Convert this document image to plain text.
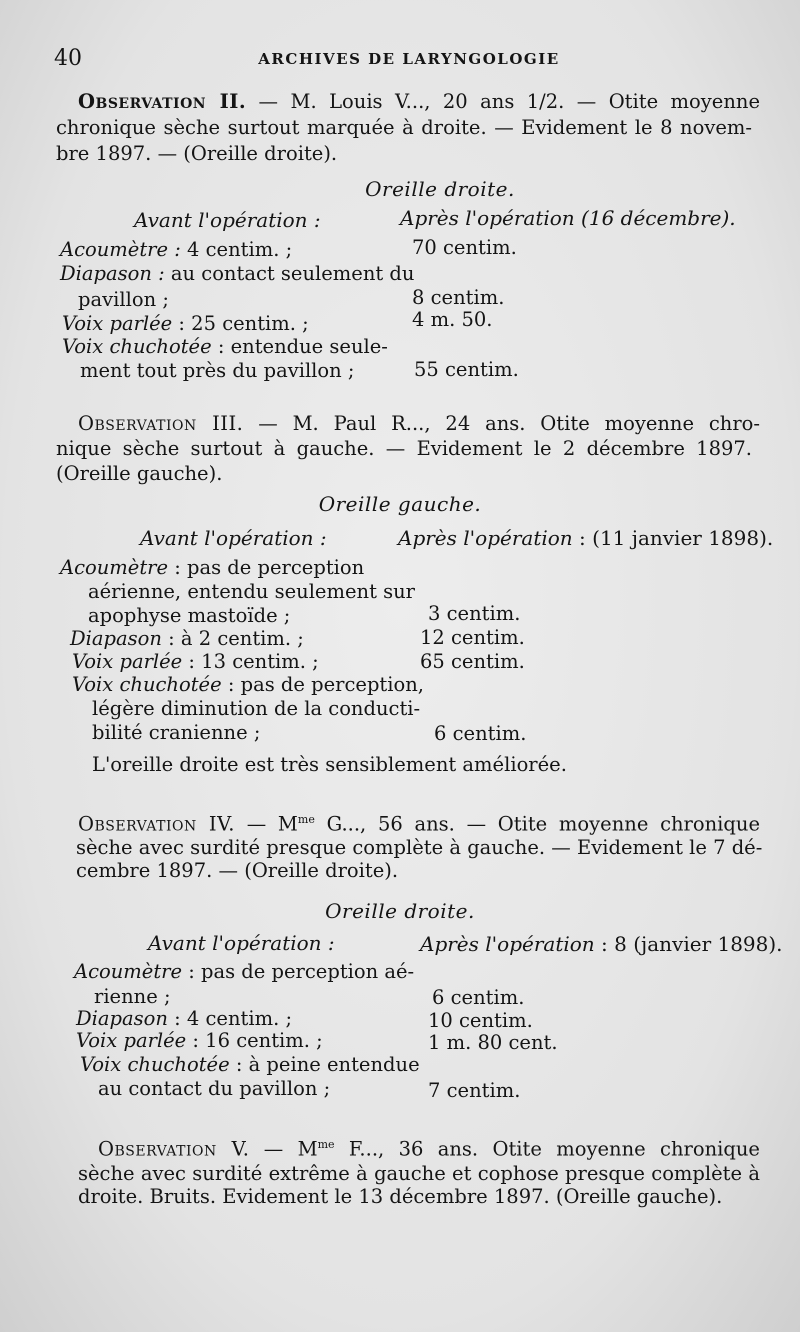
40	ARCHIVES DE LARYNGOLOGIE
Observation II. — M. Louis V..., 20 ans 1/2. — Otite moyenne
chronique sèche surtout marquée à droite. — Evidement le 8 novem-
bre 1897. — (Oreille droite).
Oreille droite.
Avant l'opération :	Après l'opération (16 décembre).
Acoumètre : 4 centim. ;	70 centim.
Diapason : au contact seulement du
pavillon ;	8 centim.
Voix parlée : 25 centim. ;	4 m. 50.
Voix chuchotée : entendue seule-
ment tout près du pavillon ;	55 centim.
Observation III. — M. Paul R..., 24 ans. Otite moyenne chro-
nique sèche surtout à gauche. — Evidement le 2 décembre 1897.
(Oreille gauche).
Oreille gauche.
Avant l'opération :	Après l'opération : (11 janvier 1898).
Acoumètre : pas de perception
aérienne, entendu seulement sur
apophyse mastoïde ;	3 centim.
Diapason : à 2 centim. ;	12 centim.
Voix parlée : 13 centim. ;	65 centim.
Voix chuchotée : pas de perception,
légère diminution de la conducti-
bilité cranienne ;	6 centim.
L'oreille droite est très sensiblement améliorée.
Observation IV. — $M^{me}$ G..., 56 ans. — Otite moyenne chronique
sèche avec surdité presque complète à gauche. — Evidement le 7 dé-
cembre 1897. — (Oreille droite).
Oreille droite.
Avant l'opération :	Après l'opération : 8 (janvier 1898).
Acoumètre : pas de perception aé-
rienne ;	6 centim.
Diapason : 4 centim. ;	10 centim.
Voix parlée : 16 centim. ;	1 m. 80 cent.
Voix chuchotée : à peine entendue
au contact du pavillon ;	7 centim.
Observation V. — $M^{me}$ F..., 36 ans. Otite moyenne chronique
sèche avec surdité extrême à gauche et cophose presque complète à
droite. Bruits. Evidement le 13 décembre 1897. (Oreille gauche).
